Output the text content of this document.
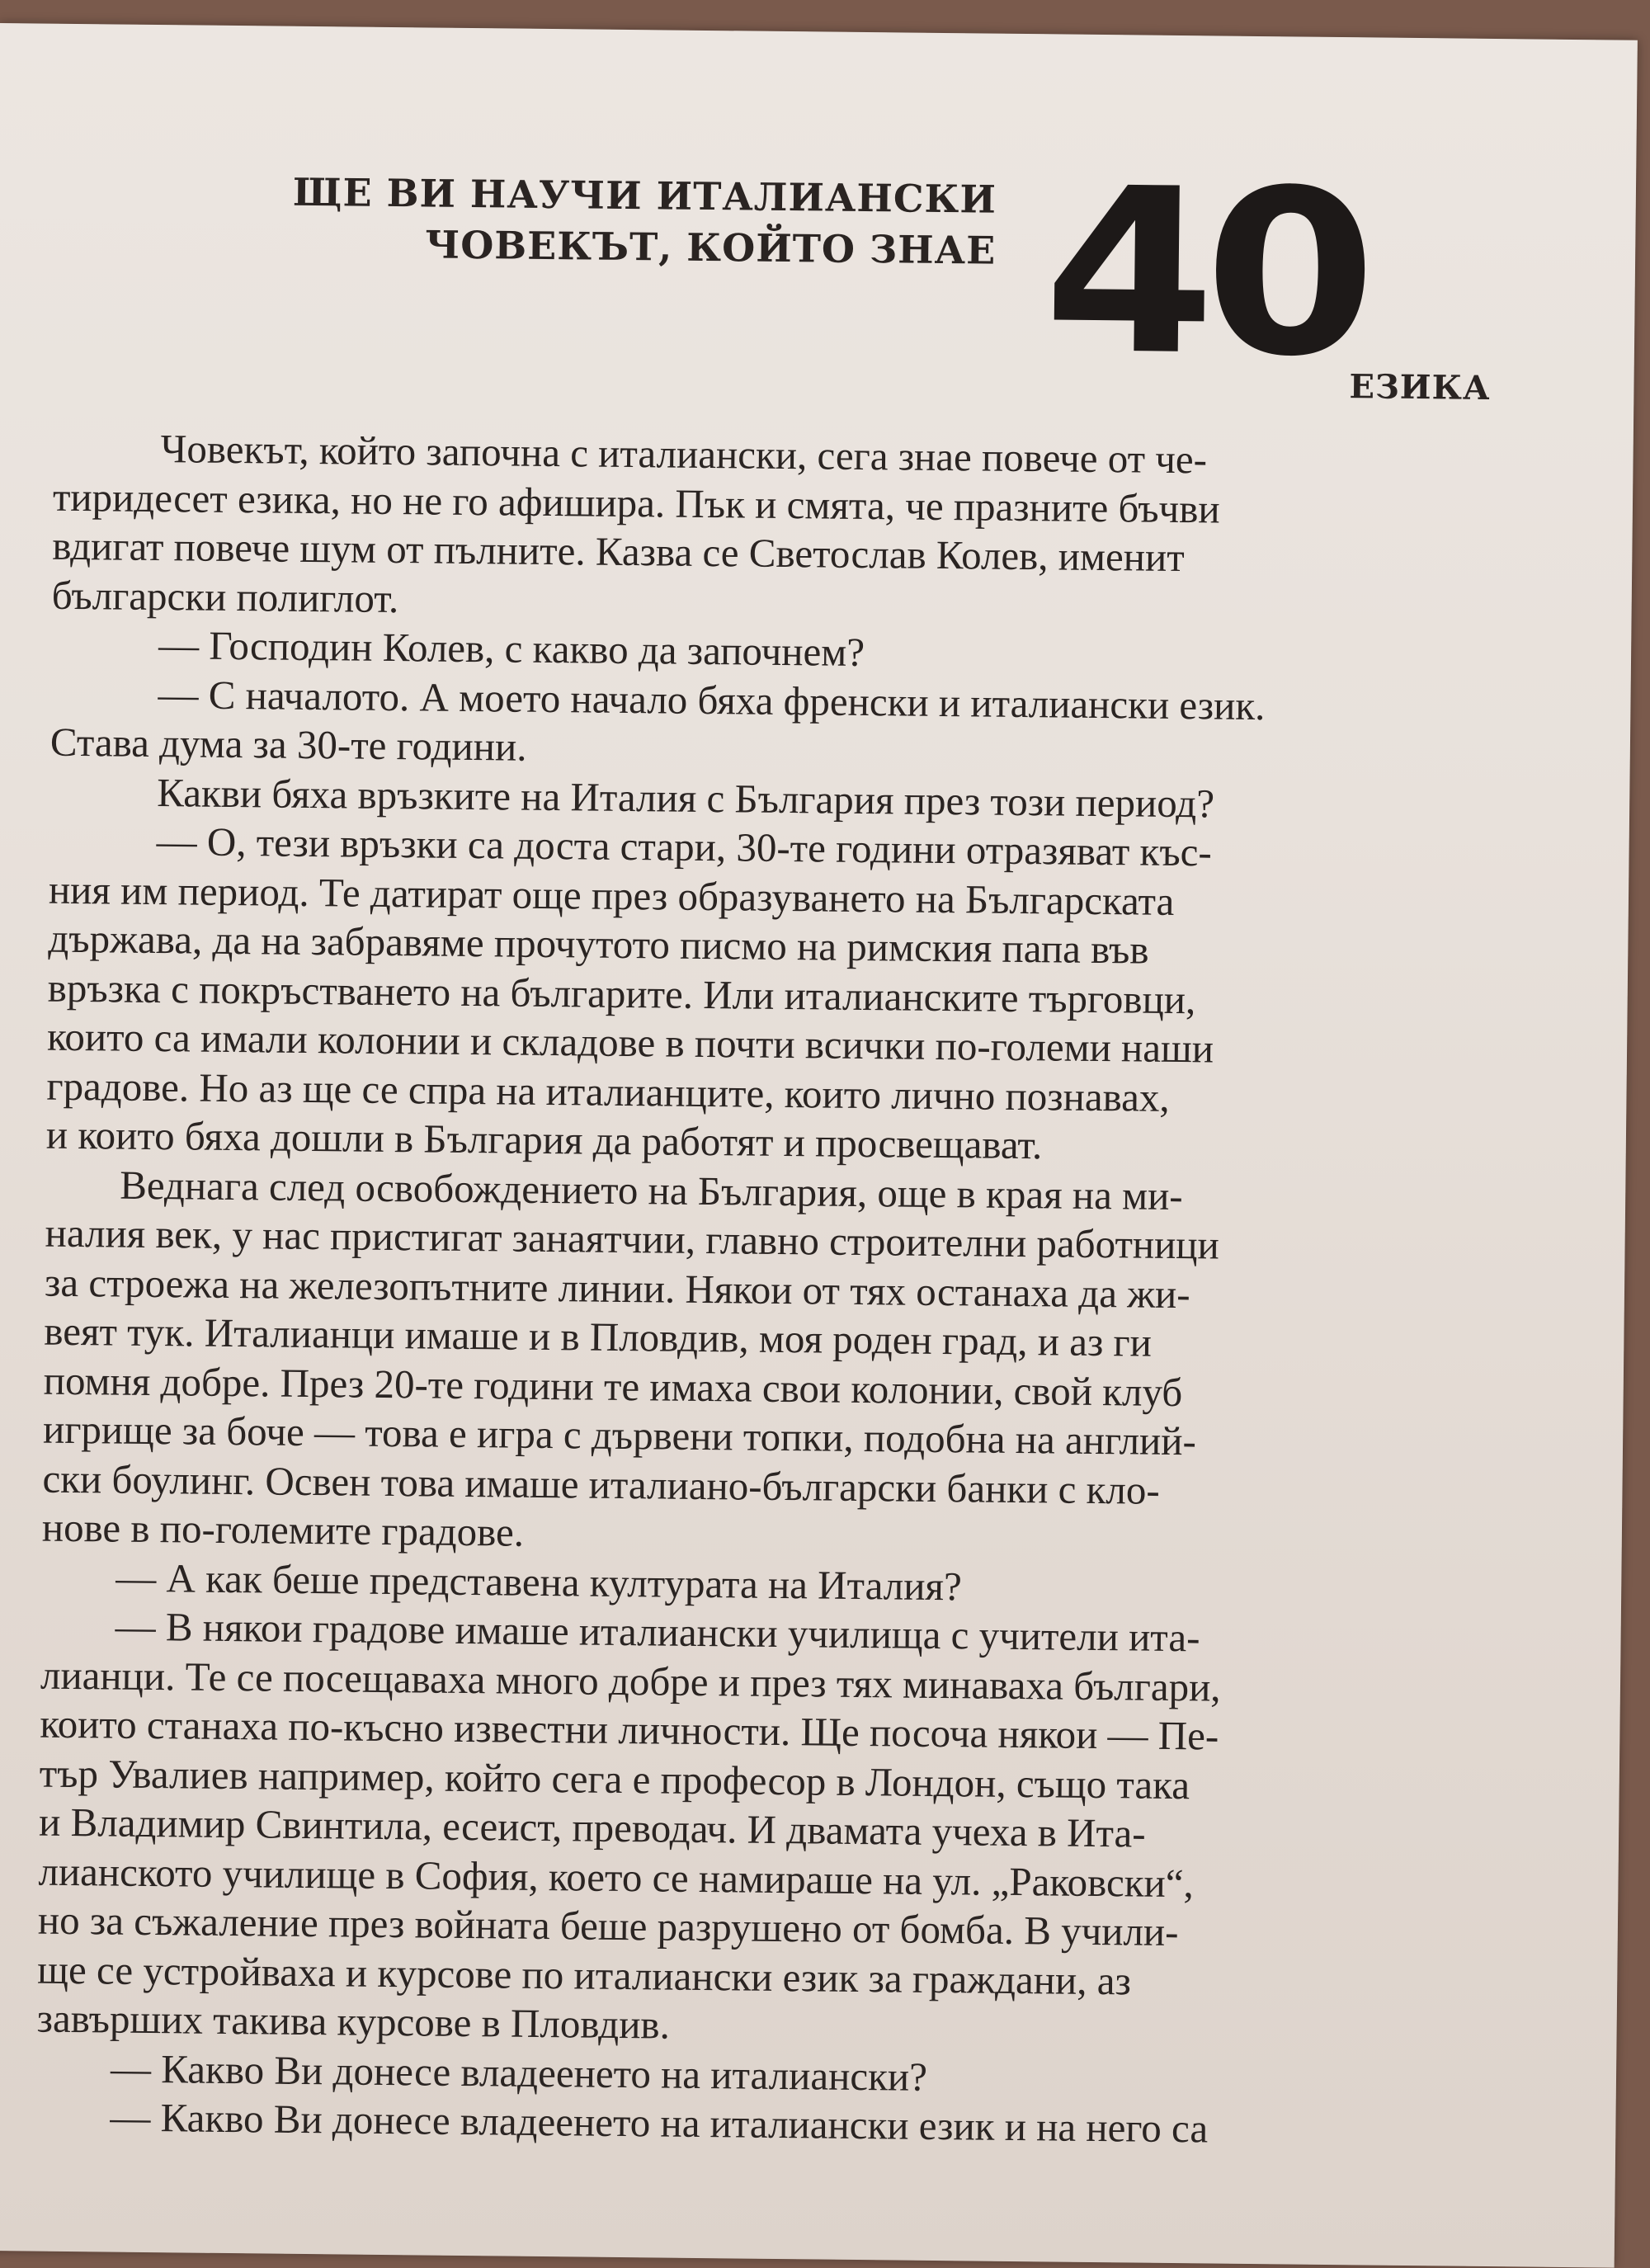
ЩЕ ВИ НАУЧИ ИТАЛИАНСКИ
ЧОВЕКЪТ, КОЙТО ЗНАЕ 40
ЕЗИКА
Човекът, който започна с италиански, сега знае повече от че-
тиридесет езика, но не го афишира. Пък и смята, че празните бъчви
вдигат повече шум от пълните. Казва се Светослав Колев, именит
български полиглот.
— Господин Колев, с какво да започнем?
— С началото. А моето начало бяха френски и италиански език.
Става дума за 30-те години.
Какви бяха връзките на Италия с България през този период?
— О, тези връзки са доста стари, 30-те години отразяват къс-
ния им период. Те датират още през образуването на Българската
държава, да на забравяме прочутото писмо на римския папа във
връзка с покръстването на българите. Или италианските търговци,
които са имали колонии и складове в почти всички по-големи наши
градове. Но аз ще се спра на италианците, които лично познавах,
и които бяха дошли в България да работят и просвещават.
Веднага след освобождението на България, още в края на ми-
налия век, у нас пристигат занаятчии, главно строителни работници
за строежа на железопътните линии. Някои от тях останаха да жи-
веят тук. Италианци имаше и в Пловдив, моя роден град, и аз ги
помня добре. През 20-те години те имаха свои колонии, свой клуб
игрище за боче — това е игра с дървени топки, подобна на англий-
ски боулинг. Освен това имаше италиано-български банки с кло-
нове в по-големите градове.
— А как беше представена културата на Италия?
— В някои градове имаше италиански училища с учители ита-
лианци. Те се посещаваха много добре и през тях минаваха българи,
които станаха по-късно известни личности. Ще посоча някои — Пе-
тър Увалиев например, който сега е професор в Лондон, също така
и Владимир Свинтила, есеист, преводач. И двамата учеха в Ита-
лианското училище в София, което се намираше на ул. „Раковски“,
но за съжаление през войната беше разрушено от бомба. В учили-
ще се устройваха и курсове по италиански език за граждани, аз
завърших такива курсове в Пловдив.
— Какво Ви донесе владеенето на италиански?
— Какво Ви донесе владеенето на италиански език и на него са
